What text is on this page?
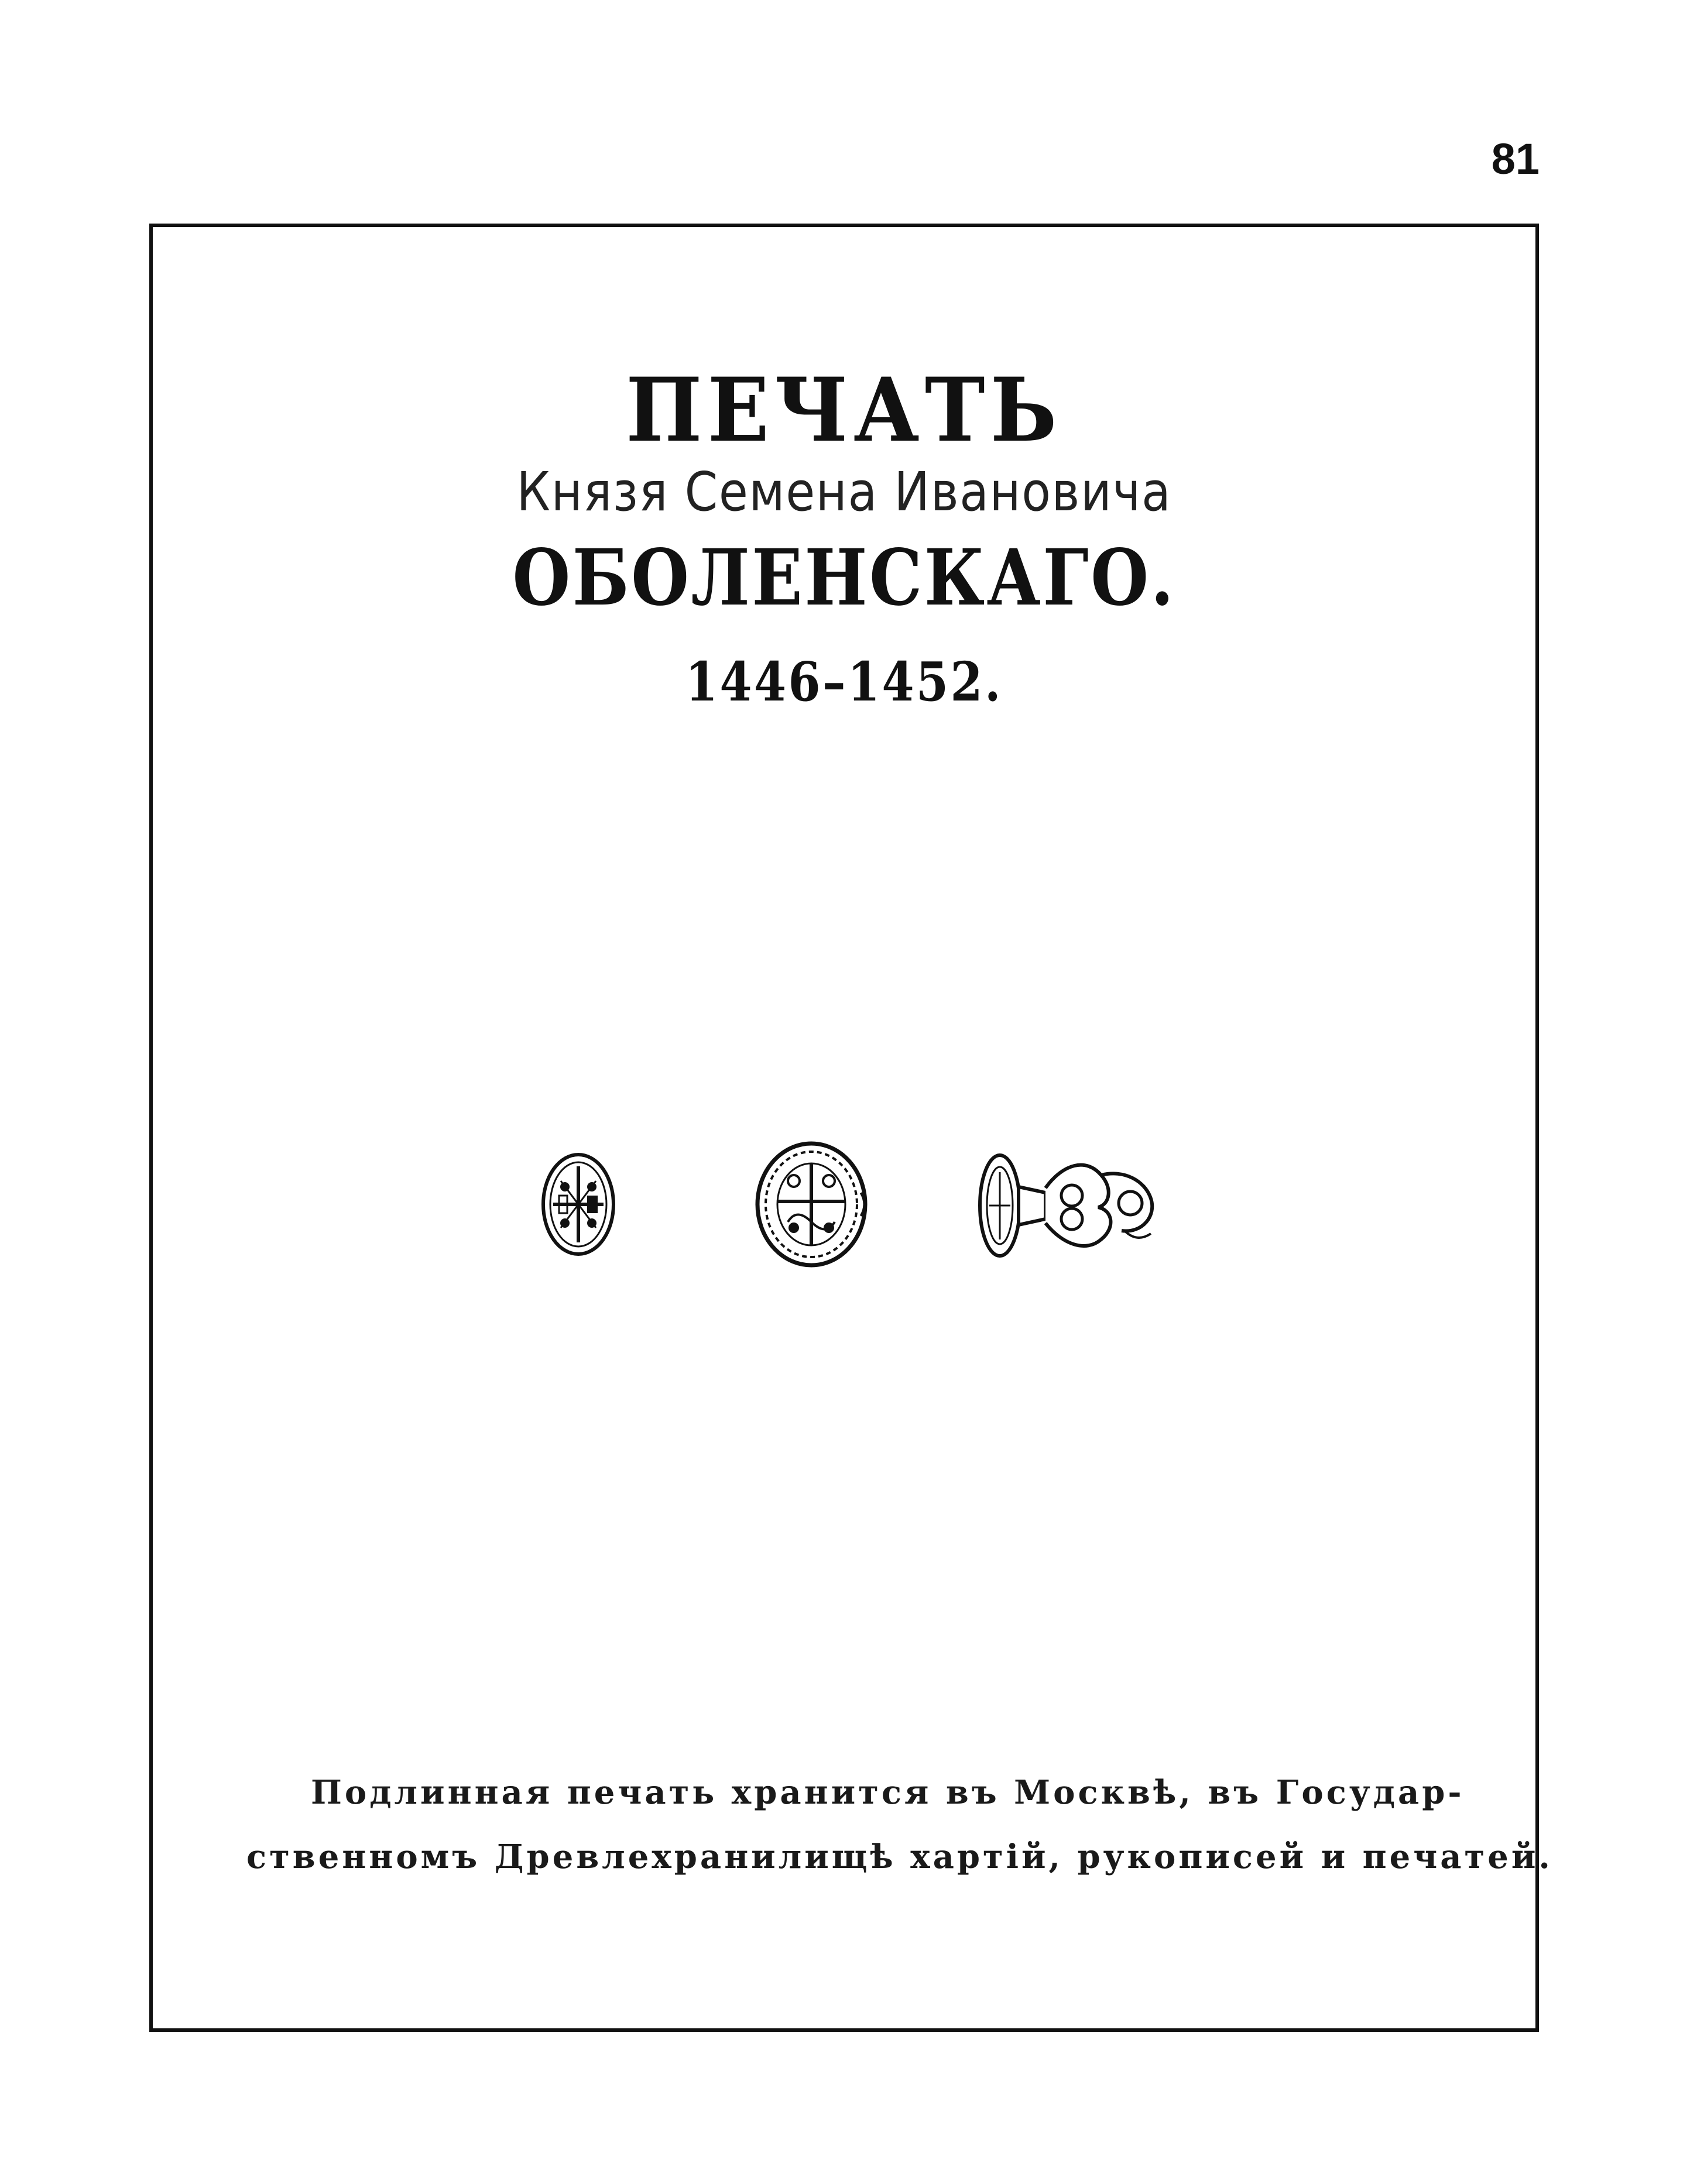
81
ПЕЧАТЬ
Князя Семена Ивановича
ОБОЛЕНСКАГО.
1446–1452.
Подлинная печать хранится въ Москвѣ, въ Государ-
ственномъ Древлехранилищѣ хартій, рукописей и печатей.
